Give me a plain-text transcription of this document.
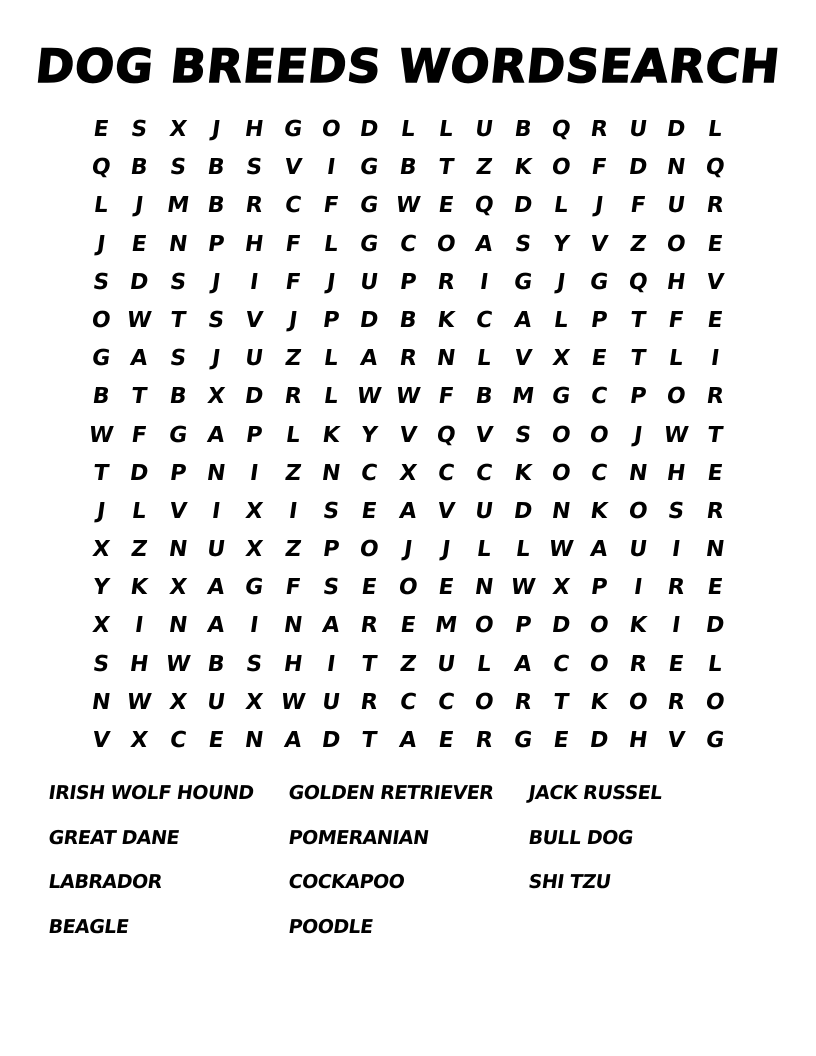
DOG BREEDS WORDSEARCH
E S X	J H G O D L L U B Q R U D L
Q B S B S V	I G B T Z K O F D N Q
L	J M B R C F G W E Q D L	J	F U R
J	E N P H F L G C O A S Y V Z O E
S D S	J	I	F	J U P R	I G J G Q H V
O W T S V	J	P D B K C A L P T F E
G A S	J U Z L A R N L V X E T L	I
B T B X D R L W W F B M G C P O R
W F G A P L K Y V Q V S O O J W T
T D P N I	Z N C X C C K O C N H E
J	L V	I	X	I	S E A V U D N K O S R
X Z N U X Z P O J	J	L L W A U I N
Y K X A G F S E O E N W X P	I	R E
X	I N A	I N A R E M O P D O K	I D
S H W B S H I	T Z U L A C O R E L
N W X U X W U R C C O R T K O R O
V X C E N A D T A E R G E D H V G
IRISH WOLF HOUND	GOLDEN RETRIEVER	JACK RUSSEL
GREAT DANE	POMERANIAN	BULL DOG
LABRADOR	COCKAPOO	SHI TZU
BEAGLE	POODLE
